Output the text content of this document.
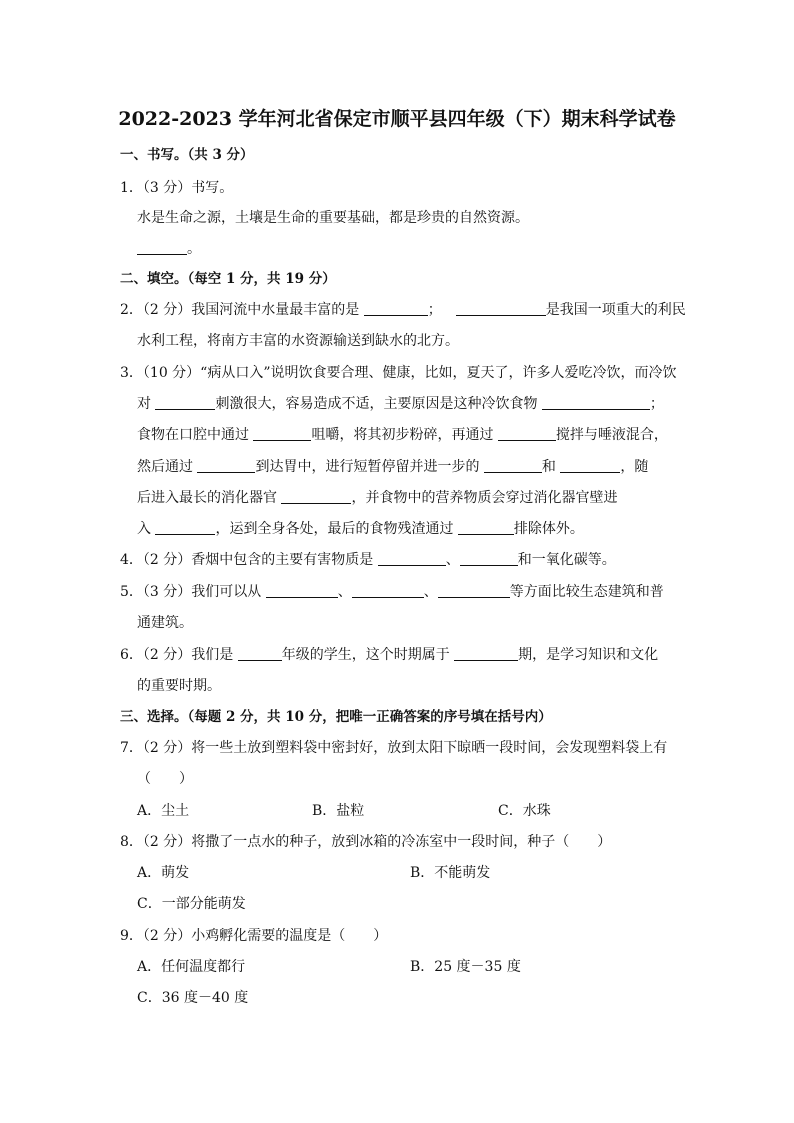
2022-2023 学年河北省保定市顺平县四年级（下）期末科学试卷
一、书写。（共 3 分）
1．（3 分）书写。
水是生命之源，土壤是生命的重要基础，都是珍贵的自然资源。
。
二、填空。（每空 1 分，共 19 分）
2．（2 分）我国河流中水量最丰富的是	；	是我国一项重大的利民
水利工程，将南方丰富的水资源输送到缺水的北方。
3．（10 分）“病从口入”说明饮食要合理、健康，比如，夏天了，许多人爱吃冷饮，而冷饮
对	刺激很大，容易造成不适，主要原因是这种冷饮食物	；
食物在口腔中通过	咀嚼，将其初步粉碎，再通过	搅拌与唾液混合，
然后通过	到达胃中，进行短暂停留并进一步的	和	，随
后进入最长的消化器官	，并食物中的营养物质会穿过消化器官壁进
入	，运到全身各处，最后的食物残渣通过	排除体外。
4．（2 分）香烟中包含的主要有害物质是	、	和一氧化碳等。
5．（3 分）我们可以从	、	、	等方面比较生态建筑和普
通建筑。
6．（2 分）我们是	年级的学生，这个时期属于	期，是学习知识和文化
的重要时期。
三、选择。（每题 2 分，共 10 分，把唯一正确答案的序号填在括号内）
7．（2 分）将一些土放到塑料袋中密封好，放到太阳下晾晒一段时间，会发现塑料袋上有
（　　）
A．尘土	B．盐粒	C．水珠
8．（2 分）将撒了一点水的种子，放到冰箱的冷冻室中一段时间，种子（　　）
A．萌发	B．不能萌发
C．一部分能萌发
9．（2 分）小鸡孵化需要的温度是（　　）
A．任何温度都行	B．25 度－35 度
C．36 度－40 度
